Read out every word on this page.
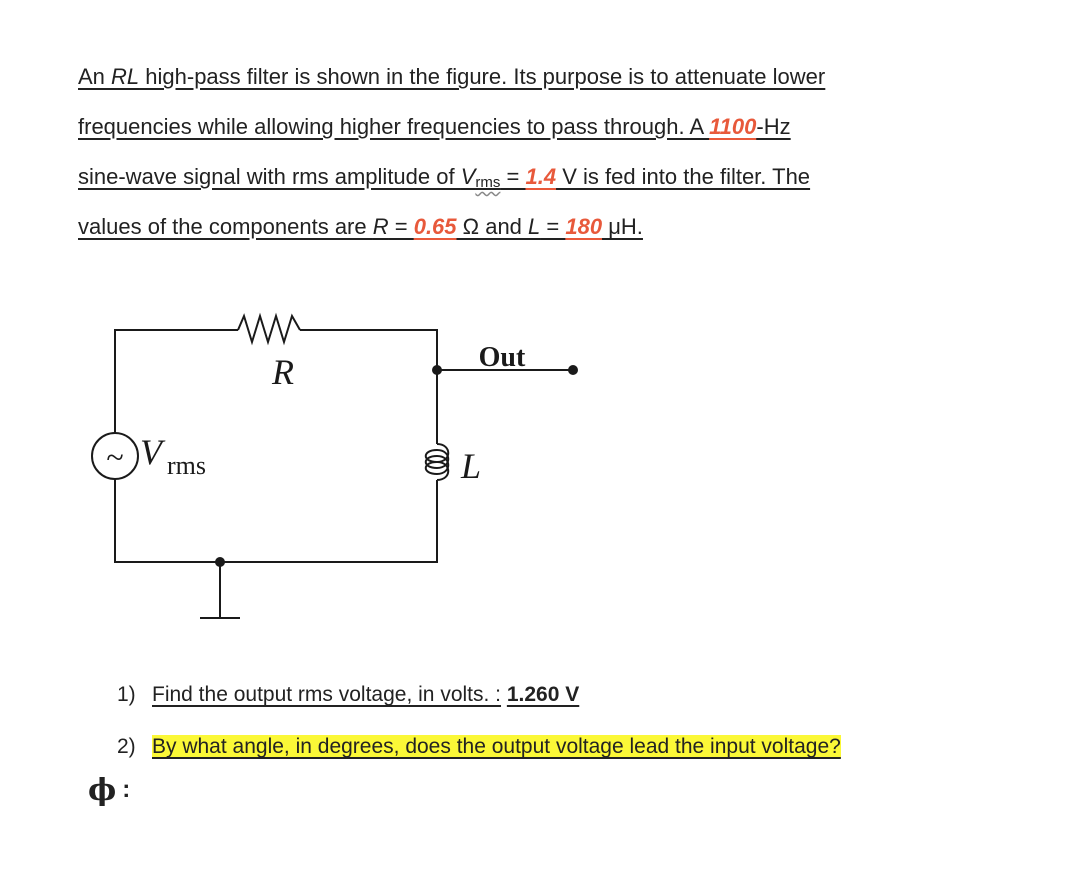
An RL high-pass filter is shown in the figure. Its purpose is to attenuate lower
frequencies while allowing higher frequencies to pass through. A 1100-Hz
sine-wave signal with rms amplitude of $V_{rms} = 1.4$ V is fed into the filter. The
values of the components are R = 0.65 Ω and L = 180 μH.
~ V rms
R	Out
L
1) Find the output rms voltage, in volts. : 1.260 V
2) By what angle, in degrees, does the output voltage lead the input voltage?
ϕ :
